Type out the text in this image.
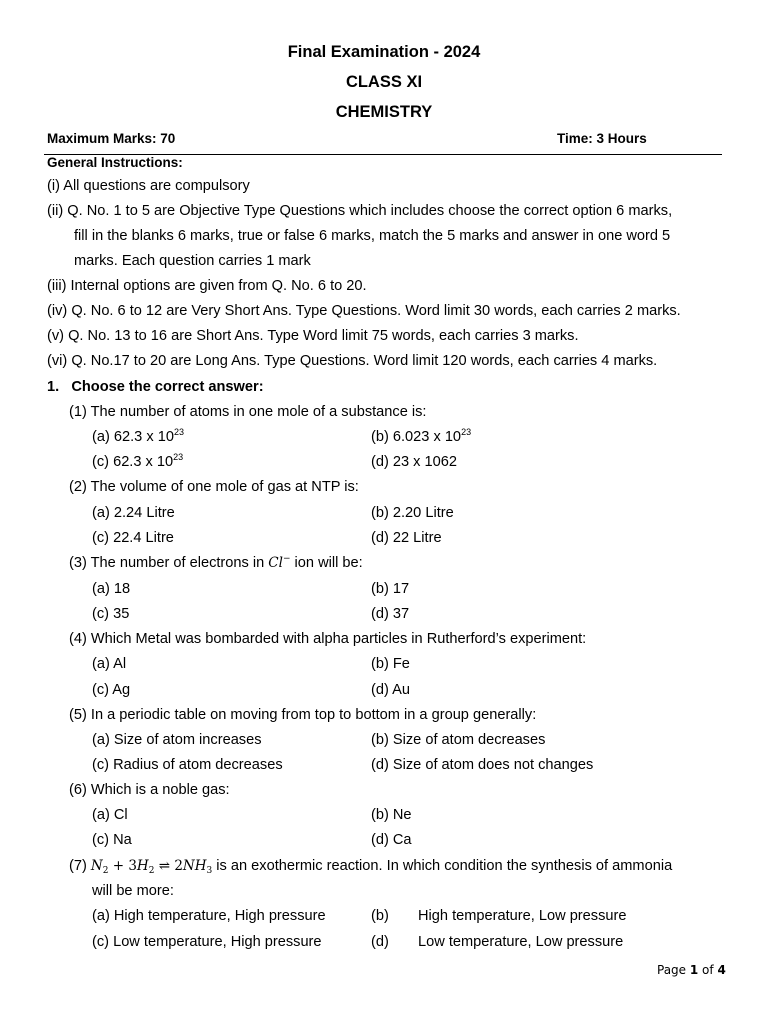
Final Examination - 2024
CLASS XI
CHEMISTRY
Maximum Marks: 70	Time: 3 Hours
General Instructions:
(i) All questions are compulsory
(ii) Q. No. 1 to 5 are Objective Type Questions which includes choose the correct option 6 marks,
fill in the blanks 6 marks, true or false 6 marks, match the 5 marks and answer in one word 5
marks. Each question carries 1 mark
(iii) Internal options are given from Q. No. 6 to 20.
(iv) Q. No. 6 to 12 are Very Short Ans. Type Questions. Word limit 30 words, each carries 2 marks.
(v) Q. No. 13 to 16 are Short Ans. Type Word limit 75 words, each carries 3 marks.
(vi) Q. No.17 to 20 are Long Ans. Type Questions. Word limit 120 words, each carries 4 marks.
1. Choose the correct answer:
(1) The number of atoms in one mole of a substance is:
(a) 62.3 x $10^{23}$	(b) 6.023 x $10^{23}$
(c) 62.3 x $10^{23}$	(d) 23 x 1062
(2) The volume of one mole of gas at NTP is:
(a) 2.24 Litre	(b) 2.20 Litre
(c) 22.4 Litre	(d) 22 Litre
(3) The number of electrons in Cl− ion will be:
(a) 18	(b) 17
(c) 35	(d) 37
(4) Which Metal was bombarded with alpha particles in Rutherford’s experiment:
(a) Al	(b) Fe
(c) Ag	(d) Au
(5) In a periodic table on moving from top to bottom in a group generally:
(a) Size of atom increases	(b) Size of atom decreases
(c) Radius of atom decreases	(d) Size of atom does not changes
(6) Which is a noble gas:
(a) Cl	(b) Ne
(c) Na	(d) Ca
(7) $N_2 + 3H_2$ ⇌ $2NH_3$ is an exothermic reaction. In which condition the synthesis of ammonia
will be more:
(a) High temperature, High pressure	(b) High temperature, Low pressure
(c) Low temperature, High pressure	(d) Low temperature, Low pressure
Page 1 of 4
